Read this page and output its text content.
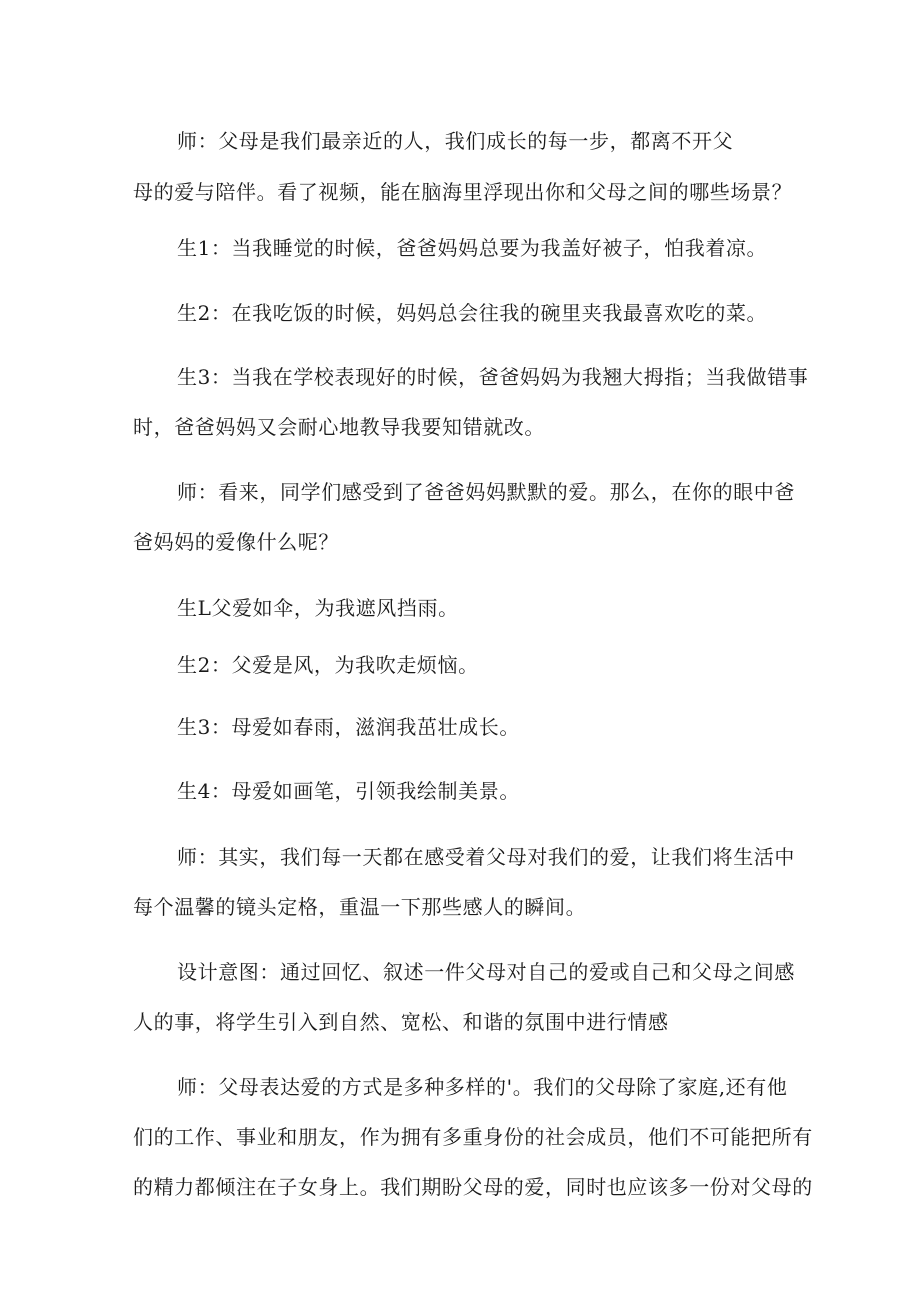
师：父母是我们最亲近的人，我们成长的每一步，都离不开父
母的爱与陪伴。看了视频，能在脑海里浮现出你和父母之间的哪些场景？
生1：当我睡觉的时候，爸爸妈妈总要为我盖好被子，怕我着凉。
生2：在我吃饭的时候，妈妈总会往我的碗里夹我最喜欢吃的菜。
生3：当我在学校表现好的时候，爸爸妈妈为我翘大拇指；当我做错事
时，爸爸妈妈又会耐心地教导我要知错就改。
师：看来，同学们感受到了爸爸妈妈默默的爱。那么，在你的眼中爸
爸妈妈的爱像什么呢？
生L父爱如伞，为我遮风挡雨。
生2：父爱是风，为我吹走烦恼。
生3：母爱如春雨，滋润我茁壮成长。
生4：母爱如画笔，引领我绘制美景。
师：其实，我们每一天都在感受着父母对我们的爱，让我们将生活中
每个温馨的镜头定格，重温一下那些感人的瞬间。
设计意图：通过回忆、叙述一件父母对自己的爱或自己和父母之间感
人的事，将学生引入到自然、宽松、和谐的氛围中进行情感
师：父母表达爱的方式是多种多样的'。我们的父母除了家庭,还有他
们的工作、事业和朋友，作为拥有多重身份的社会成员，他们不可能把所有
的精力都倾注在子女身上。我们期盼父母的爱，同时也应该多一份对父母的
